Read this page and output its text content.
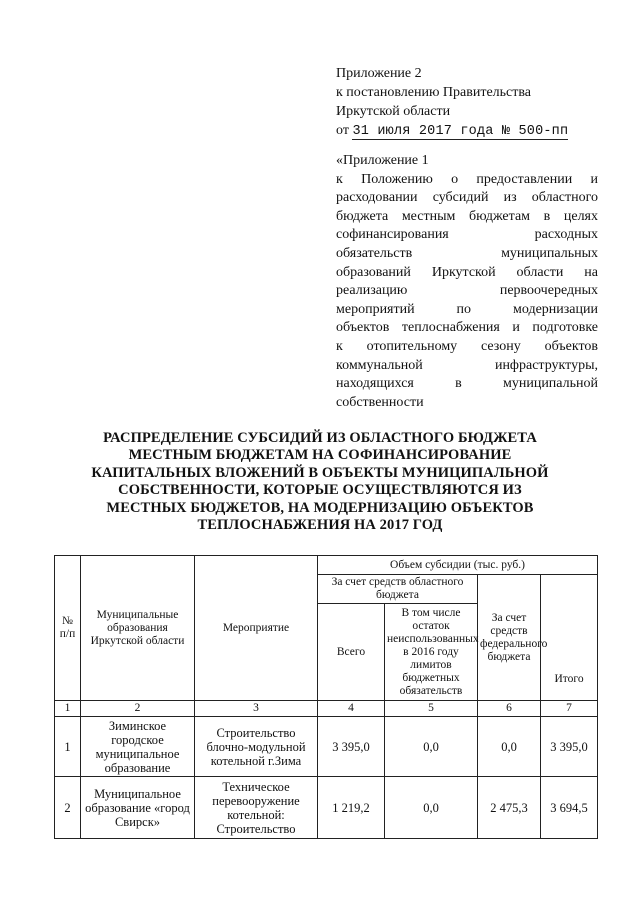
Приложение 2
к постановлению Правительства
Иркутской области
от 31 июля 2017 года № 500-пп
«Приложение 1
к Положению о предоставлении и
расходовании субсидий из областного
бюджета местным бюджетам в целях
софинансирования расходных
обязательств муниципальных
образований Иркутской области на
реализацию первоочередных
мероприятий по модернизации
объектов теплоснабжения и подготовке
к отопительному сезону объектов
коммунальной инфраструктуры,
находящихся в муниципальной
собственности
РАСПРЕДЕЛЕНИЕ СУБСИДИЙ ИЗ ОБЛАСТНОГО БЮДЖЕТА МЕСТНЫМ БЮДЖЕТАМ НА СОФИНАНСИРОВАНИЕ КАПИТАЛЬНЫХ ВЛОЖЕНИЙ В ОБЪЕКТЫ МУНИЦИПАЛЬНОЙ СОБСТВЕННОСТИ, КОТОРЫЕ ОСУЩЕСТВЛЯЮТСЯ ИЗ МЕСТНЫХ БЮДЖЕТОВ, НА МОДЕРНИЗАЦИЮ ОБЪЕКТОВ ТЕПЛОСНАБЖЕНИЯ НА 2017 ГОД
№ п/п	Муниципальные образования Иркутской области	Мероприятие	Объем субсидии (тыс. руб.)			
			За счет средств областного бюджета		За счет средств федерального бюджета	Итого
			Всего	В том числе остаток неиспользованных в 2016 году лимитов бюджетных обязательств		
1	2	3	4	5	6	7
1	Зиминское городское муниципальное образование	Строительство блочно-модульной котельной г.Зима	3 395,0	0,0	0,0	3 395,0
2	Муниципальное образование «город Свирск»	Техническое перевооружение котельной: Строительство	1 219,2	0,0	2 475,3	3 694,5
